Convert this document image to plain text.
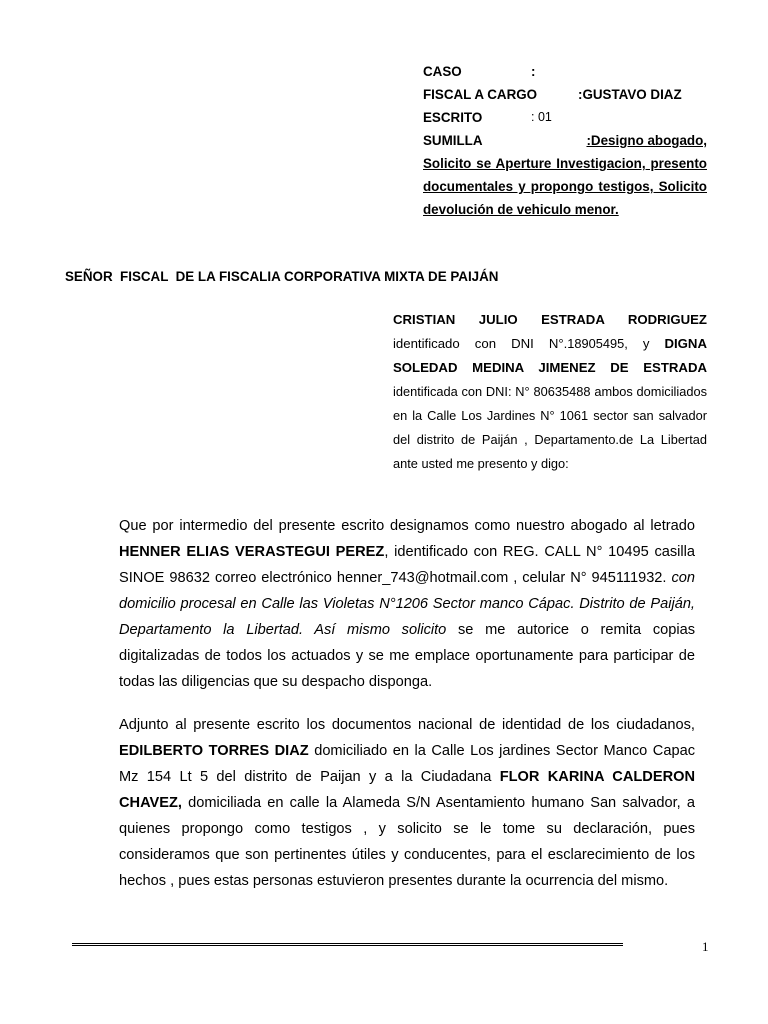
CASO	:
FISCAL A CARGO	:GUSTAVO DIAZ
ESCRITO	: 01
SUMILLA	:Designo abogado,
Solicito se Aperture Investigacion, presento documentales y propongo testigos, Solicito devolución de vehiculo menor.
SEÑOR  FISCAL  DE LA FISCALIA CORPORATIVA MIXTA DE PAIJÁN
CRISTIAN JULIO ESTRADA RODRIGUEZ identificado con DNI N°.18905495, y DIGNA SOLEDAD MEDINA JIMENEZ DE ESTRADA identificada con DNI: N° 80635488 ambos domiciliados en la Calle Los Jardines N° 1061 sector san salvador del distrito de Paiján , Departamento.de La Libertad ante usted me presento y digo:
Que por intermedio del presente escrito designamos como nuestro abogado al letrado HENNER ELIAS VERASTEGUI PEREZ, identificado con REG. CALL N° 10495 casilla SINOE 98632 correo electrónico henner_743@hotmail.com , celular N° 945111932. con domicilio procesal en Calle las Violetas N°1206 Sector manco Cápac. Distrito de Paiján, Departamento la Libertad. Así mismo solicito se me autorice o remita copias digitalizadas de todos los actuados y se me emplace oportunamente para participar de todas las diligencias que su despacho disponga.
Adjunto al presente escrito los documentos nacional de identidad de los ciudadanos, EDILBERTO TORRES DIAZ domiciliado en la Calle Los jardines Sector Manco Capac Mz 154 Lt 5 del distrito de Paijan y a la Ciudadana FLOR KARINA CALDERON CHAVEZ, domiciliada en calle la Alameda S/N Asentamiento humano San salvador, a quienes propongo como testigos , y solicito se le tome su declaración, pues consideramos que son pertinentes útiles y conducentes, para el esclarecimiento de los hechos , pues estas personas estuvieron presentes durante la ocurrencia del mismo.
1
